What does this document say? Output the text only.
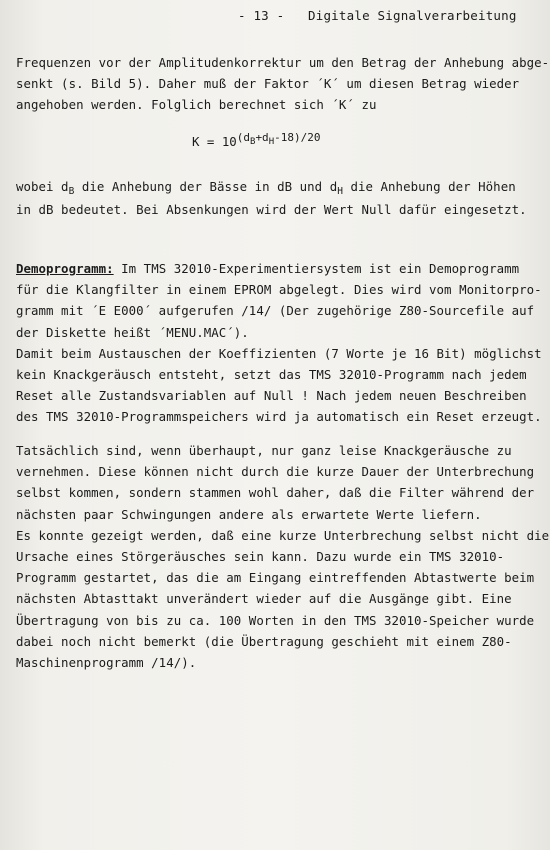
- 13 - Digitale Signalverarbeitung
Frequenzen vor der Amplitudenkorrektur um den Betrag der Anhebung abge-
senkt (s. Bild 5). Daher muß der Faktor ´K´ um diesen Betrag wieder
angehoben werden. Folglich berechnet sich ´K´ zu
$K = 10(d_B+d_H-18)/20$
wobei $d_B$ die Anhebung der Bässe in dB und $d_H$ die Anhebung der Höhen
in dB bedeutet. Bei Absenkungen wird der Wert Null dafür eingesetzt.
Demoprogramm: Im TMS 32010-Experimentiersystem ist ein Demoprogramm
für die Klangfilter in einem EPROM abgelegt. Dies wird vom Monitorpro-
gramm mit ´E E000´ aufgerufen /14/ (Der zugehörige Z80-Sourcefile auf
der Diskette heißt ´MENU.MAC´).
Damit beim Austauschen der Koeffizienten (7 Worte je 16 Bit) möglichst
kein Knackgeräusch entsteht, setzt das TMS 32010-Programm nach jedem
Reset alle Zustandsvariablen auf Null ! Nach jedem neuen Beschreiben
des TMS 32010-Programmspeichers wird ja automatisch ein Reset erzeugt.
Tatsächlich sind, wenn überhaupt, nur ganz leise Knackgeräusche zu
vernehmen. Diese können nicht durch die kurze Dauer der Unterbrechung
selbst kommen, sondern stammen wohl daher, daß die Filter während der
nächsten paar Schwingungen andere als erwartete Werte liefern.
Es konnte gezeigt werden, daß eine kurze Unterbrechung selbst nicht die
Ursache eines Störgeräusches sein kann. Dazu wurde ein TMS 32010-
Programm gestartet, das die am Eingang eintreffenden Abtastwerte beim
nächsten Abtasttakt unverändert wieder auf die Ausgänge gibt. Eine
Übertragung von bis zu ca. 100 Worten in den TMS 32010-Speicher wurde
dabei noch nicht bemerkt (die Übertragung geschieht mit einem Z80-
Maschinenprogramm /14/).
